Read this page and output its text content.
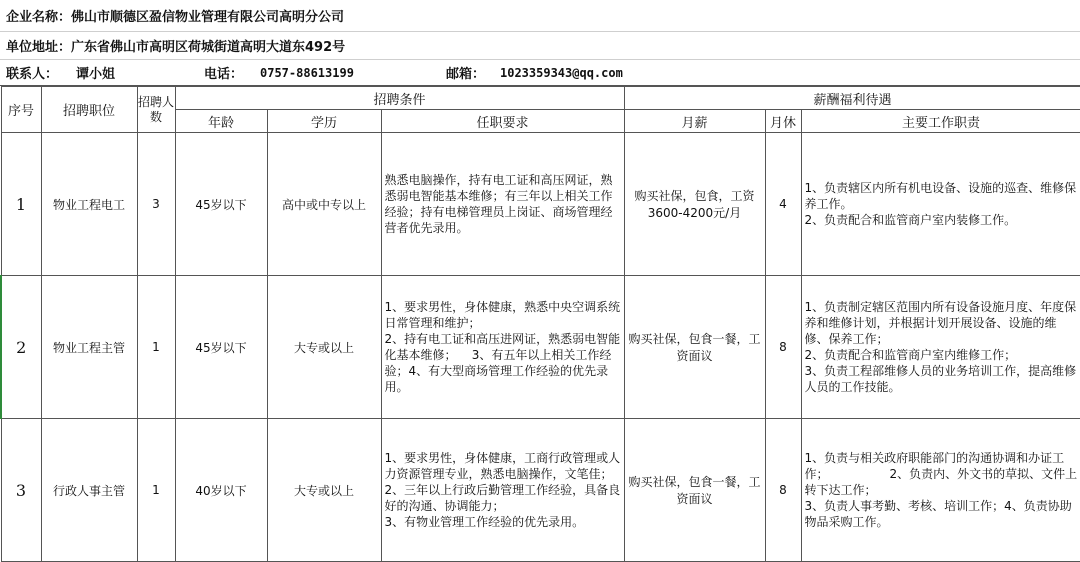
企业名称： 佛山市顺德区盈信物业管理有限公司高明分公司
单位地址： 广东省佛山市高明区荷城街道高明大道东492号
联系人：	谭小姐	电话：	0757-88613199	邮箱：	1023359343@qq.com
序号	招聘职位	招聘人数	招聘条件			薪酬福利待遇		
			年龄	学历	任职要求	月薪	月休	主要工作职责
1	物业工程电工	3	45岁以下	高中或中专以上	熟悉电脑操作，持有电工证和高压网证，熟悉弱电智能基本维修；有三年以上相关工作经验；持有电梯管理员上岗证、商场管理经营者优先录用。	购买社保，包食，工资3600-4200元/月	4	1、负责辖区内所有机电设备、设施的巡查、维修保养工作。
2、负责配合和监管商户室内装修工作。
2	物业工程主管	1	45岁以下	大专或以上	1、要求男性，身体健康，熟悉中央空调系统日常管理和维护；
2、持有电工证和高压进网证，熟悉弱电智能化基本维修；    3、有五年以上相关工作经验；4、有大型商场管理工作经验的优先录用。	购买社保，包食一餐，工资面议	8	1、负责制定辖区范围内所有设备设施月度、年度保养和维修计划，并根据计划开展设备、设施的维修、保养工作；
2、负责配合和监管商户室内维修工作；
3、负责工程部维修人员的业务培训工作，提高维修人员的工作技能。
3	行政人事主管	1	40岁以下	大专或以上	1、要求男性，身体健康，工商行政管理或人力资源管理专业，熟悉电脑操作，文笔佳；  2、三年以上行政后勤管理工作经验，具备良好的沟通、协调能力；
3、有物业管理工作经验的优先录用。	购买社保，包食一餐，工资面议	8	1、负责与相关政府职能部门的沟通协调和办证工作；                2、负责内、外文书的草拟、文件上转下达工作；
3、负责人事考勤、考核、培训工作；4、负责协助物品采购工作。
